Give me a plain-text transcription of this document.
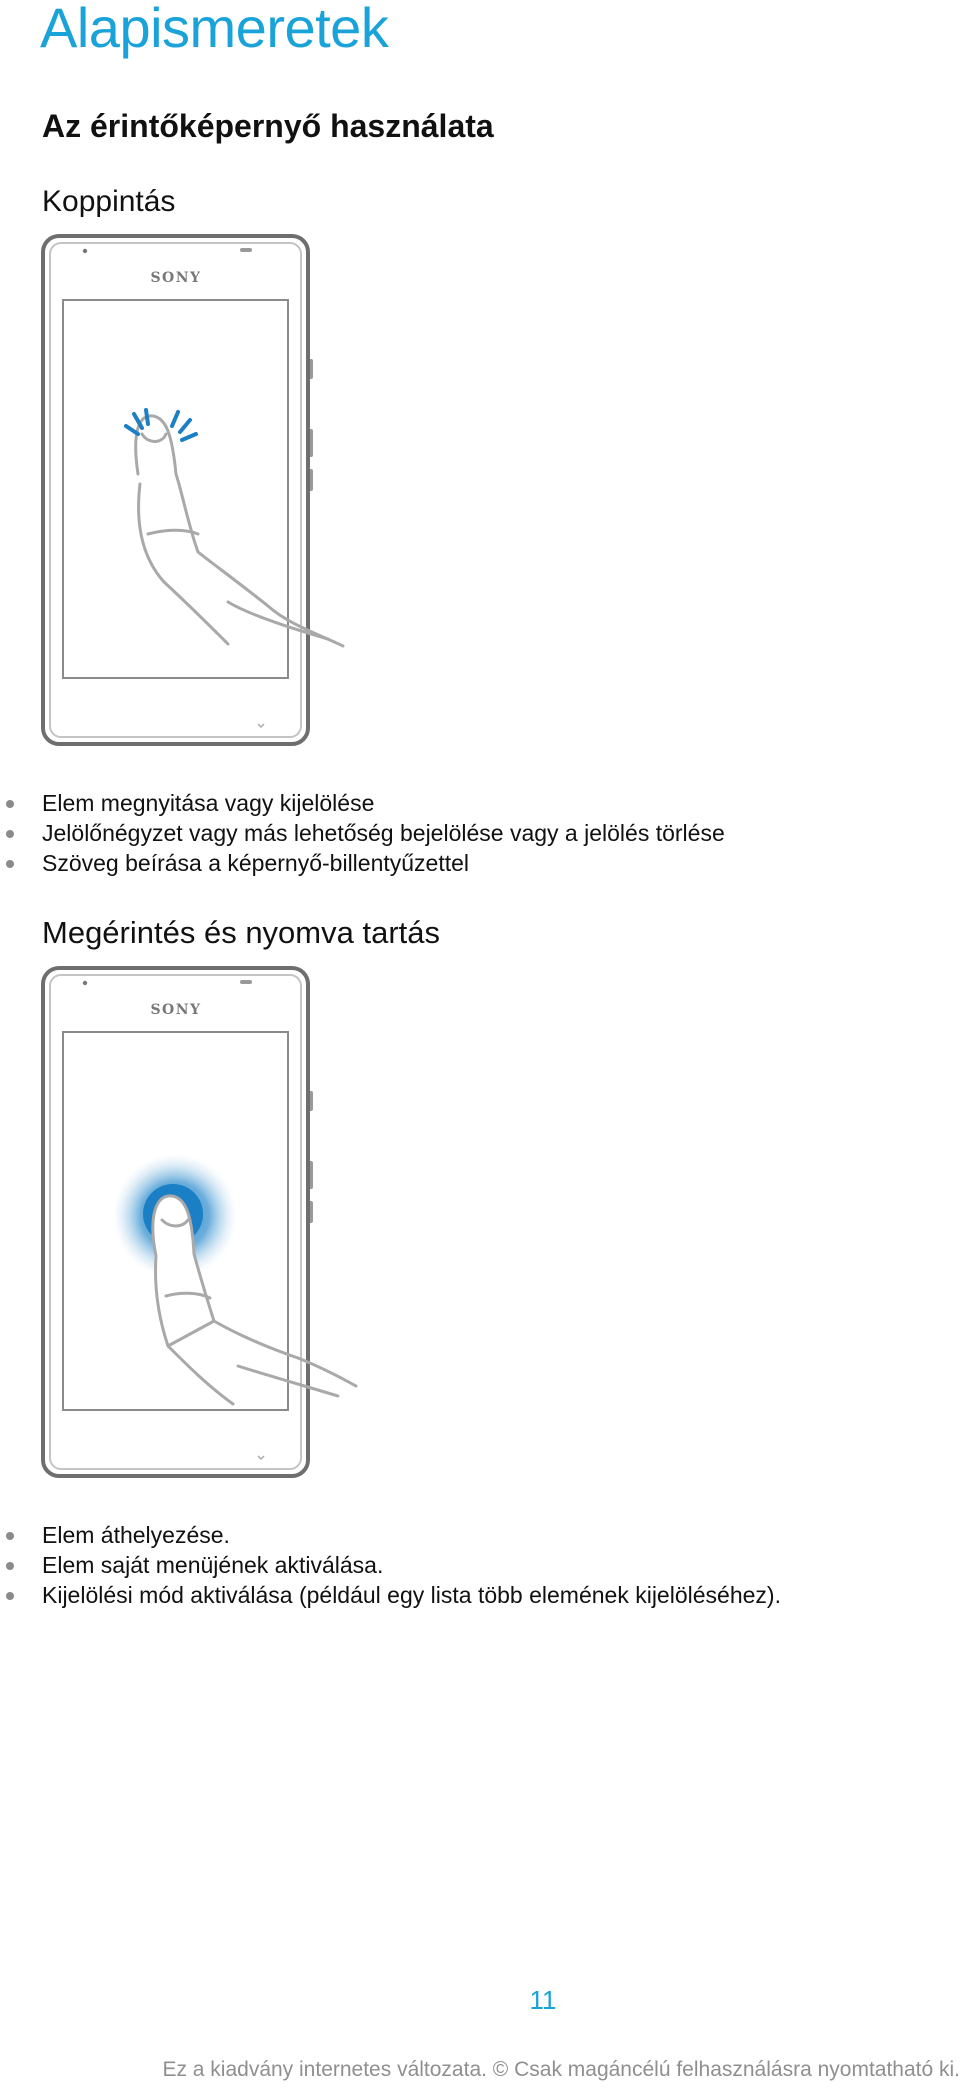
Alapismeretek
Az érintőképernyő használata
Koppintás
SONY
Elem megnyitása vagy kijelölése
Jelölőnégyzet vagy más lehetőség bejelölése vagy a jelölés törlése
Szöveg beírása a képernyő-billentyűzettel
Megérintés és nyomva tartás
SONY
Elem áthelyezése.
Elem saját menüjének aktiválása.
Kijelölési mód aktiválása (például egy lista több elemének kijelöléséhez).
11
Ez a kiadvány internetes változata. © Csak magáncélú felhasználásra nyomtatható ki.
